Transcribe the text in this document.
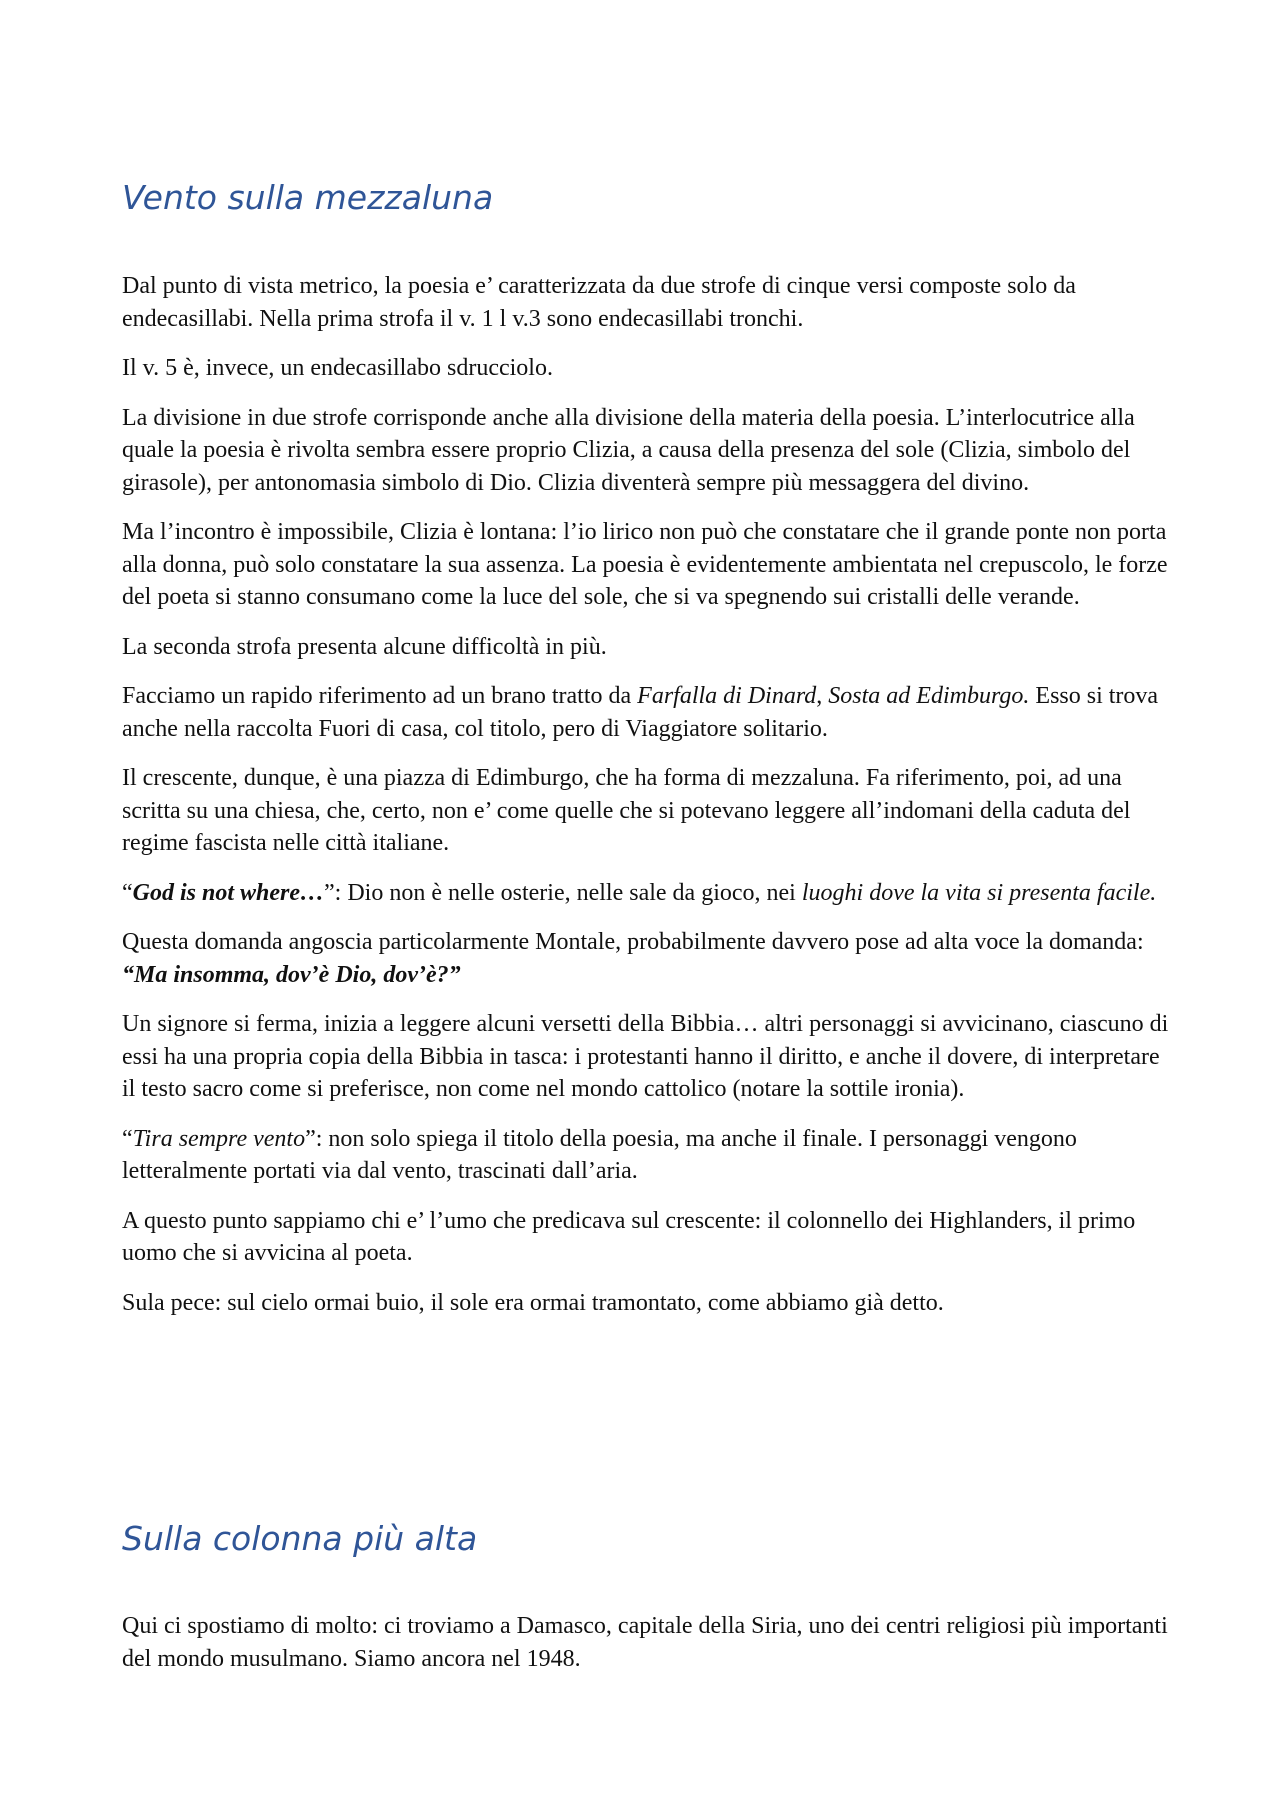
Vento sulla mezzaluna

Dal punto di vista metrico, la poesia e’ caratterizzata da due strofe di cinque versi composte solo da endecasillabi. Nella prima strofa il v. 1 l v.3 sono endecasillabi tronchi.

Il v. 5 è, invece, un endecasillabo sdrucciolo.

La divisione in due strofe corrisponde anche alla divisione della materia della poesia. L’interlocutrice alla quale la poesia è rivolta sembra essere proprio Clizia, a causa della presenza del sole (Clizia, simbolo del girasole), per antonomasia simbolo di Dio. Clizia diventerà sempre più messaggera del divino.

Ma l’incontro è impossibile, Clizia è lontana: l’io lirico non può che constatare che il grande ponte non porta alla donna, può solo constatare la sua assenza. La poesia è evidentemente ambientata nel crepuscolo, le forze del poeta si stanno consumano come la luce del sole, che si va spegnendo sui cristalli delle verande.

La seconda strofa presenta alcune difficoltà in più.

Facciamo un rapido riferimento ad un brano tratto da Farfalla di Dinard, Sosta ad Edimburgo. Esso si trova anche nella raccolta Fuori di casa, col titolo, pero di Viaggiatore solitario.

Il crescente, dunque, è una piazza di Edimburgo, che ha forma di mezzaluna. Fa riferimento, poi, ad una scritta su una chiesa, che, certo, non e’ come quelle che si potevano leggere all’indomani della caduta del regime fascista nelle città italiane.

“God is not where…”: Dio non è nelle osterie, nelle sale da gioco, nei luoghi dove la vita si presenta facile.

Questa domanda angoscia particolarmente Montale, probabilmente davvero pose ad alta voce la domanda: “Ma insomma, dov’è Dio, dov’è?”

Un signore si ferma, inizia a leggere alcuni versetti della Bibbia… altri personaggi si avvicinano, ciascuno di essi ha una propria copia della Bibbia in tasca: i protestanti hanno il diritto, e anche il dovere, di interpretare il testo sacro come si preferisce, non come nel mondo cattolico (notare la sottile ironia).

“Tira sempre vento”: non solo spiega il titolo della poesia, ma anche il finale. I personaggi vengono letteralmente portati via dal vento, trascinati dall’aria.

A questo punto sappiamo chi e’ l’umo che predicava sul crescente: il colonnello dei Highlanders, il primo uomo che si avvicina al poeta.

Sula pece: sul cielo ormai buio, il sole era ormai tramontato, come abbiamo già detto.

Sulla colonna più alta

Qui ci spostiamo di molto: ci troviamo a Damasco, capitale della Siria, uno dei centri religiosi più importanti del mondo musulmano. Siamo ancora nel 1948.
